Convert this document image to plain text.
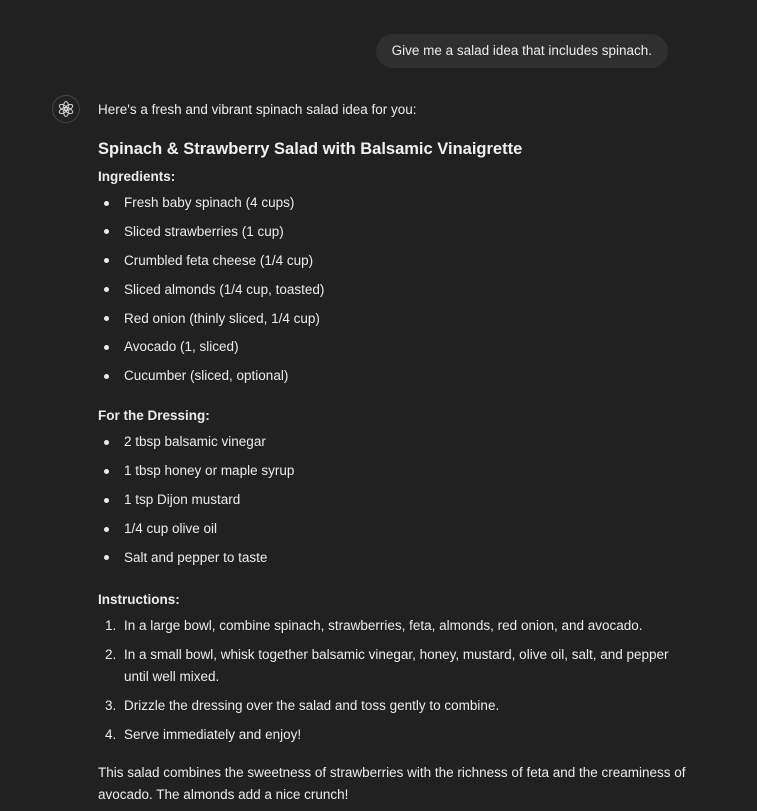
Give me a salad idea that includes spinach.

Here's a fresh and vibrant spinach salad idea for you:

Spinach & Strawberry Salad with Balsamic Vinaigrette

Ingredients:

Fresh baby spinach (4 cups)
Sliced strawberries (1 cup)
Crumbled feta cheese (1/4 cup)
Sliced almonds (1/4 cup, toasted)
Red onion (thinly sliced, 1/4 cup)
Avocado (1, sliced)
Cucumber (sliced, optional)

For the Dressing:

2 tbsp balsamic vinegar
1 tbsp honey or maple syrup
1 tsp Dijon mustard
1/4 cup olive oil
Salt and pepper to taste

Instructions:

1. In a large bowl, combine spinach, strawberries, feta, almonds, red onion, and avocado.
2. In a small bowl, whisk together balsamic vinegar, honey, mustard, olive oil, salt, and pepper until well mixed.
3. Drizzle the dressing over the salad and toss gently to combine.
4. Serve immediately and enjoy!

This salad combines the sweetness of strawberries with the richness of feta and the creaminess of avocado. The almonds add a nice crunch!
